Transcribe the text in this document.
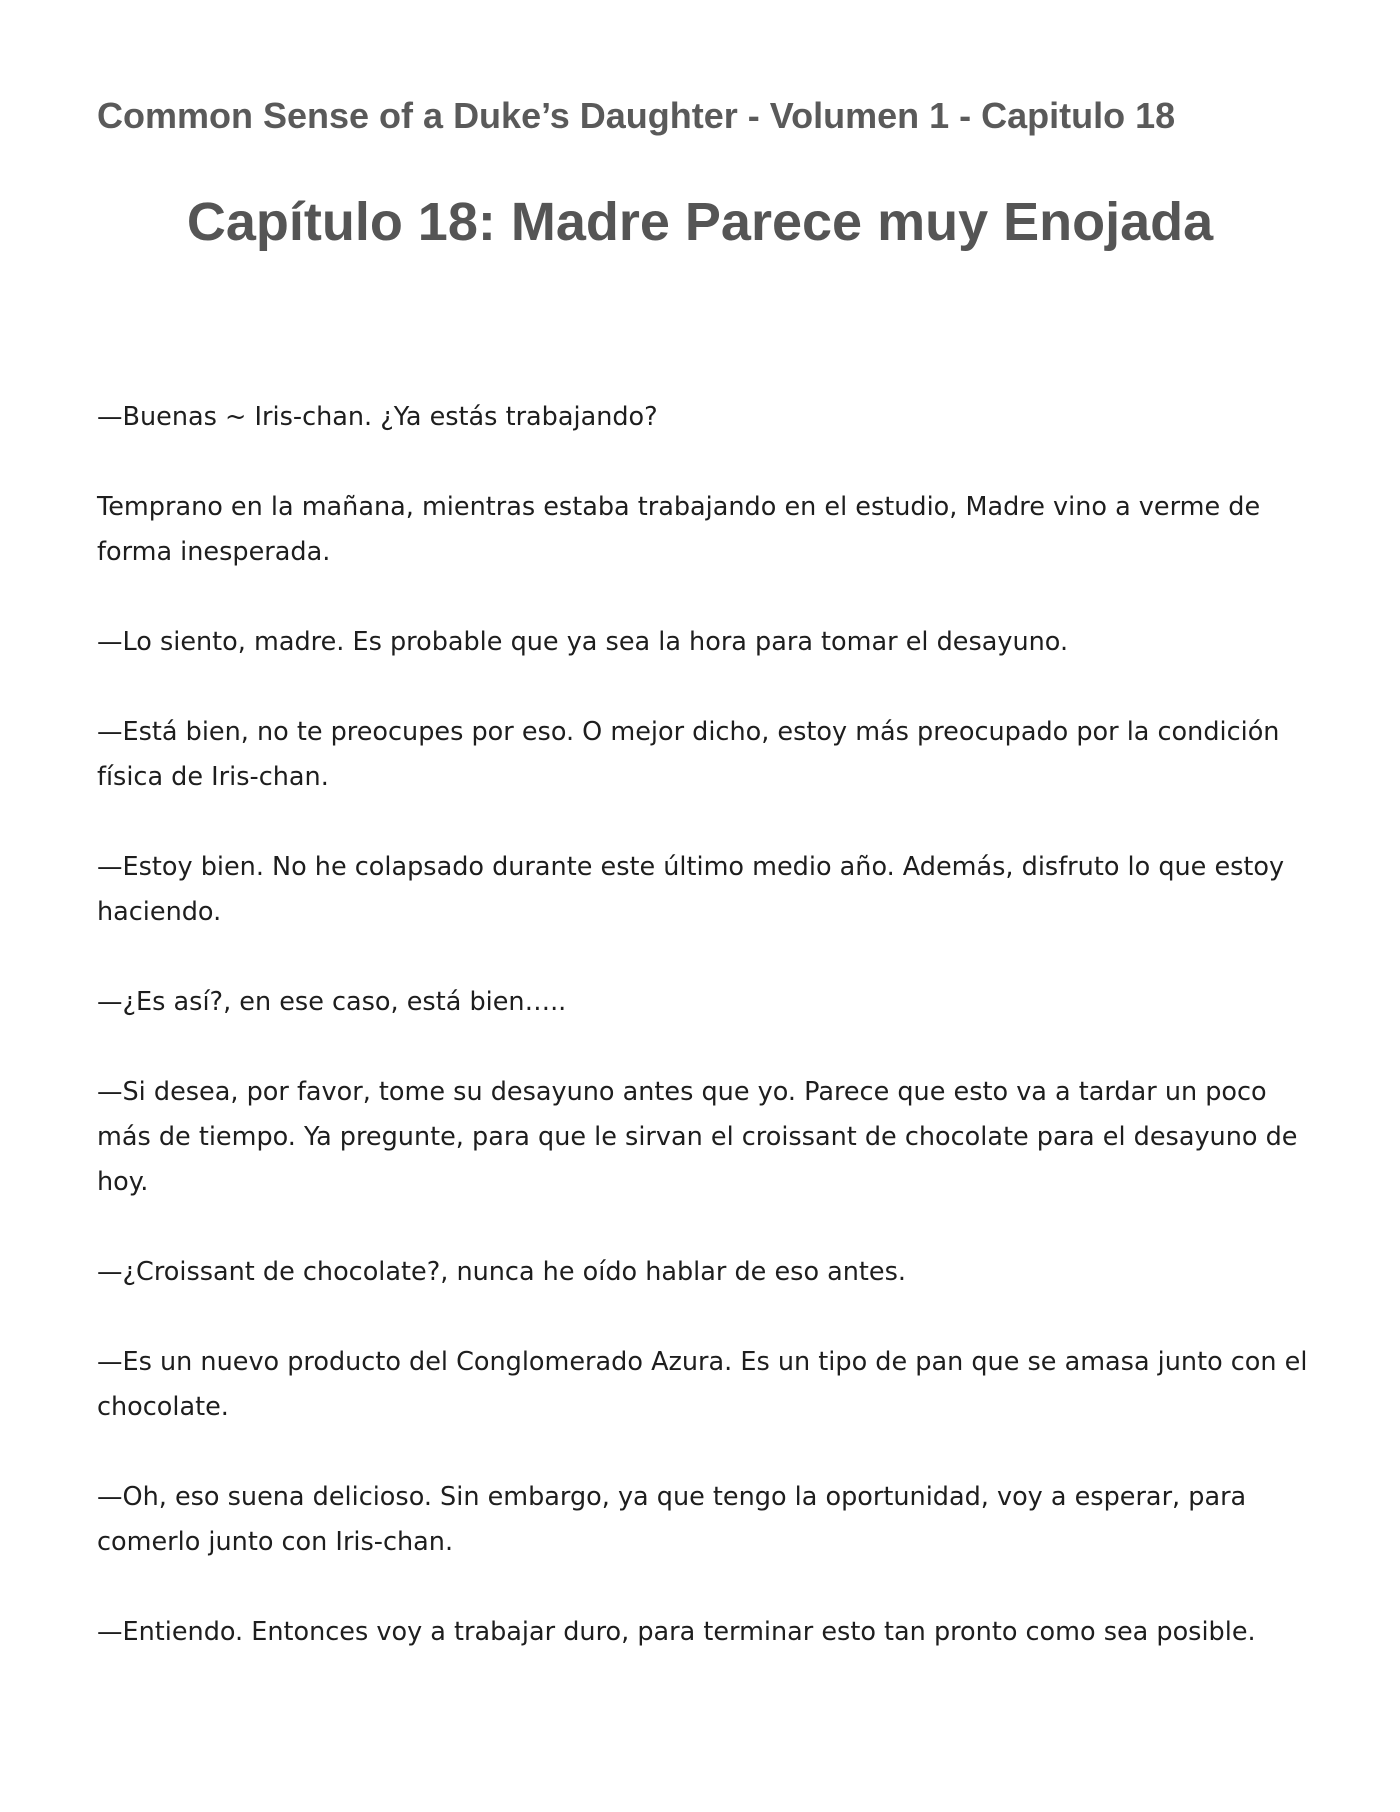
Common Sense of a Duke’s Daughter - Volumen 1 - Capitulo 18
Capítulo 18: Madre Parece muy Enojada

—Buenas ~ Iris-chan. ¿Ya estás trabajando?

Temprano en la mañana, mientras estaba trabajando en el estudio, Madre vino a verme de forma inesperada.

—Lo siento, madre. Es probable que ya sea la hora para tomar el desayuno.

—Está bien, no te preocupes por eso. O mejor dicho, estoy más preocupado por la condición física de Iris-chan.

—Estoy bien. No he colapsado durante este último medio año. Además, disfruto lo que estoy haciendo.

—¿Es así?, en ese caso, está bien…..

—Si desea, por favor, tome su desayuno antes que yo. Parece que esto va a tardar un poco más de tiempo. Ya pregunte, para que le sirvan el croissant de chocolate para el desayuno de hoy.

—¿Croissant de chocolate?, nunca he oído hablar de eso antes.

—Es un nuevo producto del Conglomerado Azura. Es un tipo de pan que se amasa junto con el chocolate.

—Oh, eso suena delicioso. Sin embargo, ya que tengo la oportunidad, voy a esperar, para comerlo junto con Iris-chan.

—Entiendo. Entonces voy a trabajar duro, para terminar esto tan pronto como sea posible.
